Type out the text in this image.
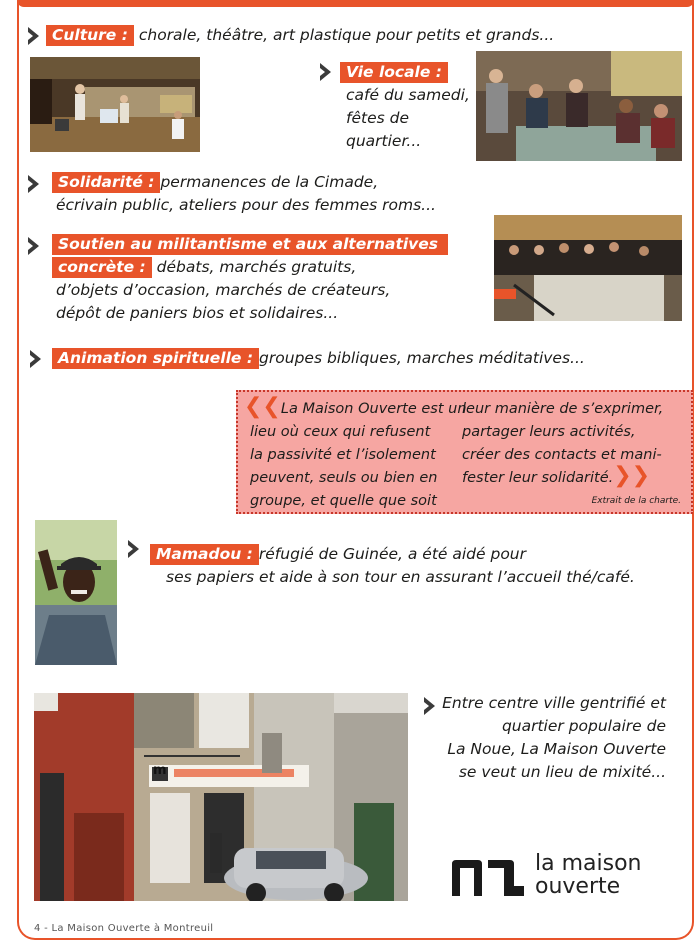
Culture : chorale, théâtre, art plastique pour petits et grands...
Vie locale :
café du samedi,
fêtes de
quartier...
Solidarité : permanences de la Cimade,
écrivain public, ateliers pour des femmes roms...
Soutien au militantisme et aux alternatives
concrète : débats, marchés gratuits,
d’objets d’occasion, marchés de créateurs,
dépôt de paniers bios et solidaires...
Animation spirituelle : groupes bibliques, marches méditatives...
❮❮La Maison Ouverte est un
lieu où ceux qui refusent
la passivité et l’isolement
peuvent, seuls ou bien en
groupe, et quelle que soit
leur manière de s’exprimer,
partager leurs activités,
créer des contacts et mani-
fester leur solidarité.❯❯
Extrait de la charte.
Mamadou : réfugié de Guinée, a été aidé pour
ses papiers et aide à son tour en assurant l’accueil thé/café.
m
Entre centre ville gentrifié et
quartier populaire de
La Noue, La Maison Ouverte
se veut un lieu de mixité...
la maison
ouverte
4 - La Maison Ouverte à Montreuil
